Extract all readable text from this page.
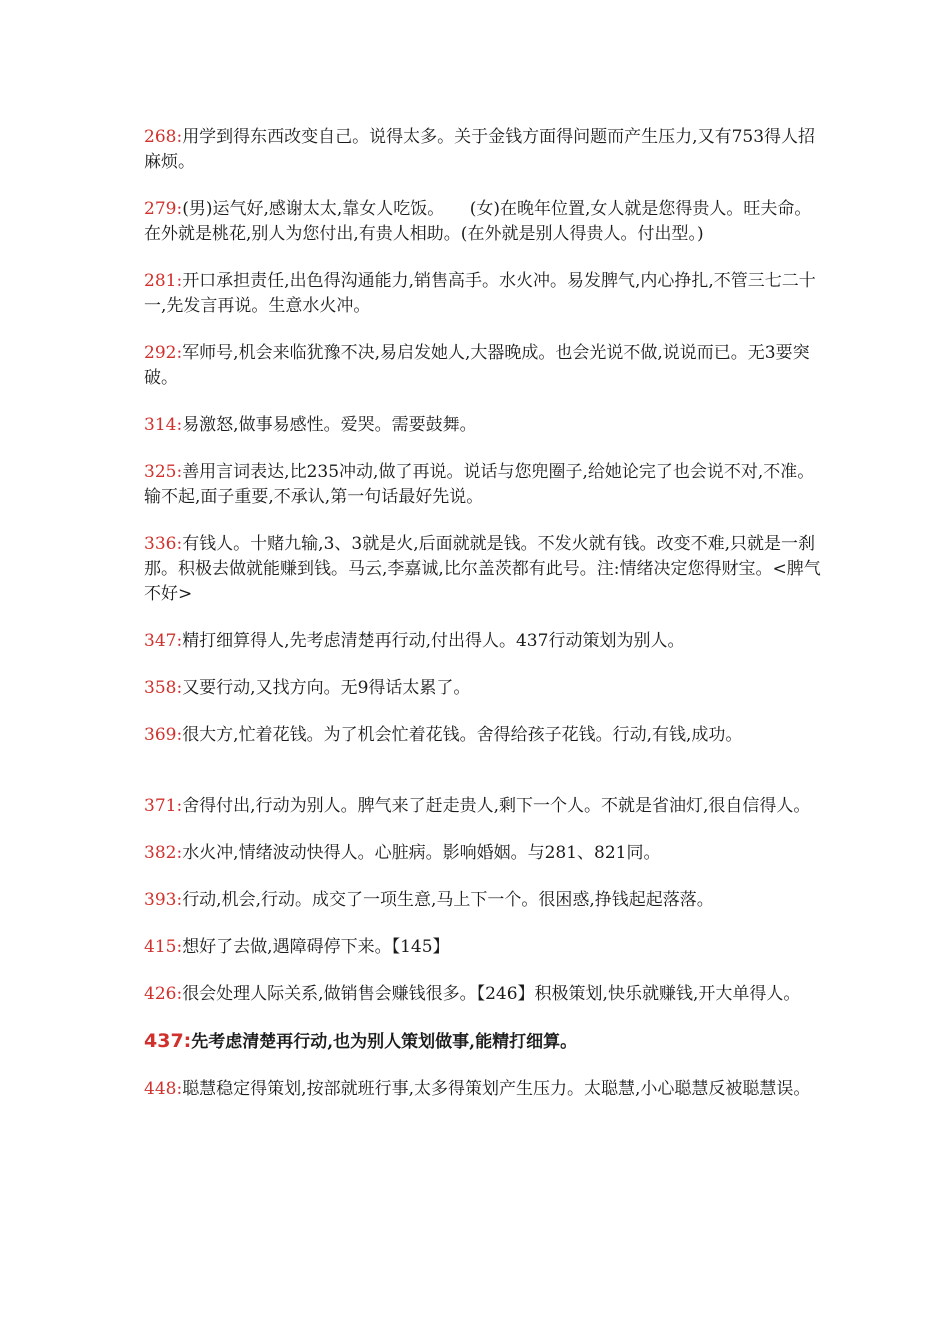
268:用学到得东西改变自己。说得太多。关于金钱方面得问题而产生压力,又有753得人招麻烦。

279:(男)运气好,感谢太太,靠女人吃饭。　　(女)在晚年位置,女人就是您得贵人。旺夫命。在外就是桃花,别人为您付出,有贵人相助。(在外就是别人得贵人。付出型。)

281:开口承担责任,出色得沟通能力,销售高手。水火冲。易发脾气,内心挣扎,不管三七二十一,先发言再说。生意水火冲。

292:军师号,机会来临犹豫不决,易启发她人,大器晚成。也会光说不做,说说而已。无3要突破。

314:易激怒,做事易感性。爱哭。需要鼓舞。

325:善用言词表达,比235冲动,做了再说。说话与您兜圈子,给她论完了也会说不对,不准。输不起,面子重要,不承认,第一句话最好先说。

336:有钱人。十赌九输,3、3就是火,后面就就是钱。不发火就有钱。改变不难,只就是一刹那。积极去做就能赚到钱。马云,李嘉诚,比尔盖茨都有此号。注:情绪决定您得财宝。<脾气不好>

347:精打细算得人,先考虑清楚再行动,付出得人。437行动策划为别人。

358:又要行动,又找方向。无9得话太累了。

369:很大方,忙着花钱。为了机会忙着花钱。舍得给孩子花钱。行动,有钱,成功。

371:舍得付出,行动为别人。脾气来了赶走贵人,剩下一个人。不就是省油灯,很自信得人。

382:水火冲,情绪波动快得人。心脏病。影响婚姻。与281、821同。

393:行动,机会,行动。成交了一项生意,马上下一个。很困惑,挣钱起起落落。

415:想好了去做,遇障碍停下来。【145】

426:很会处理人际关系,做销售会赚钱很多。【246】积极策划,快乐就赚钱,开大单得人。

437:先考虑清楚再行动,也为别人策划做事,能精打细算。

448:聪慧稳定得策划,按部就班行事,太多得策划产生压力。太聪慧,小心聪慧反被聪慧误。
